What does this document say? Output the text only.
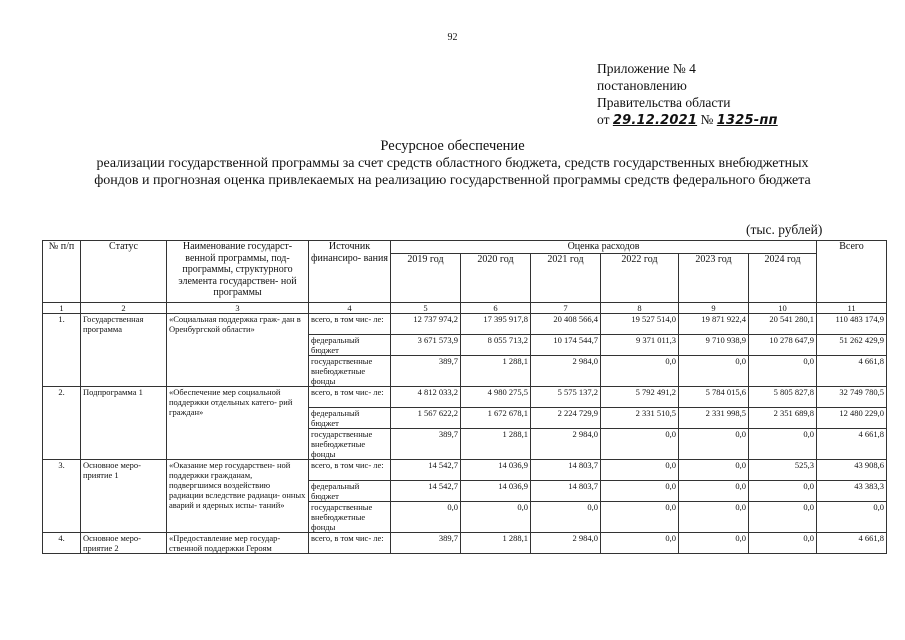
92
Приложение № 4
постановлению
Правительства области
от 29.12.2021 № 1325-пп
Ресурсное обеспечение
реализации государственной программы за счет средств областного бюджета, средств государственных внебюджетных
фондов и прогнозная оценка привлекаемых на реализацию государственной программы средств федерального бюджета
(тыс. рублей)
№ п/п	Статус	Наименование государст- венной программы, под- программы, структурного элемента государствен- ной программы	Источник финансиро- вания	Оценка расходов						Всего
				2019 год	2020 год	2021 год	2022 год	2023 год	2024 год	
1	2	3	4	5	6	7	8	9	10	11
1.	Государственная программа	«Социальная поддержка граж- дан в Оренбургской области»	всего, в том чис- ле:	12 737 974,2	17 395 917,8	20 408 566,4	19 527 514,0	19 871 922,4	20 541 280,1	110 483 174,9
			федеральный бюджет	3 671 573,9	8 055 713,2	10 174 544,7	9 371 011,3	9 710 938,9	10 278 647,9	51 262 429,9
			государственные внебюджетные фонды	389,7	1 288,1	2 984,0	0,0	0,0	0,0	4 661,8
2.	Подпрограмма 1	«Обеспечение мер социальной поддержки отдельных катего- рий граждан»	всего, в том чис- ле:	4 812 033,2	4 980 275,5	5 575 137,2	5 792 491,2	5 784 015,6	5 805 827,8	32 749 780,5
			федеральный бюджет	1 567 622,2	1 672 678,1	2 224 729,9	2 331 510,5	2 331 998,5	2 351 689,8	12 480 229,0
			государственные внебюджетные фонды	389,7	1 288,1	2 984,0	0,0	0,0	0,0	4 661,8
3.	Основное меро- приятие 1	«Оказание мер государствен- ной поддержки гражданам, подвергшимся воздействию радиации вследствие радиаци- онных аварий и ядерных испы- таний»	всего, в том чис- ле:	14 542,7	14 036,9	14 803,7	0,0	0,0	525,3	43 908,6
			федеральный бюджет	14 542,7	14 036,9	14 803,7	0,0	0,0	0,0	43 383,3
			государственные внебюджетные фонды	0,0	0,0	0,0	0,0	0,0	0,0	0,0
4.	Основное меро- приятие 2	«Предоставление мер государ- ственной поддержки Героям	всего, в том чис- ле:	389,7	1 288,1	2 984,0	0,0	0,0	0,0	4 661,8
